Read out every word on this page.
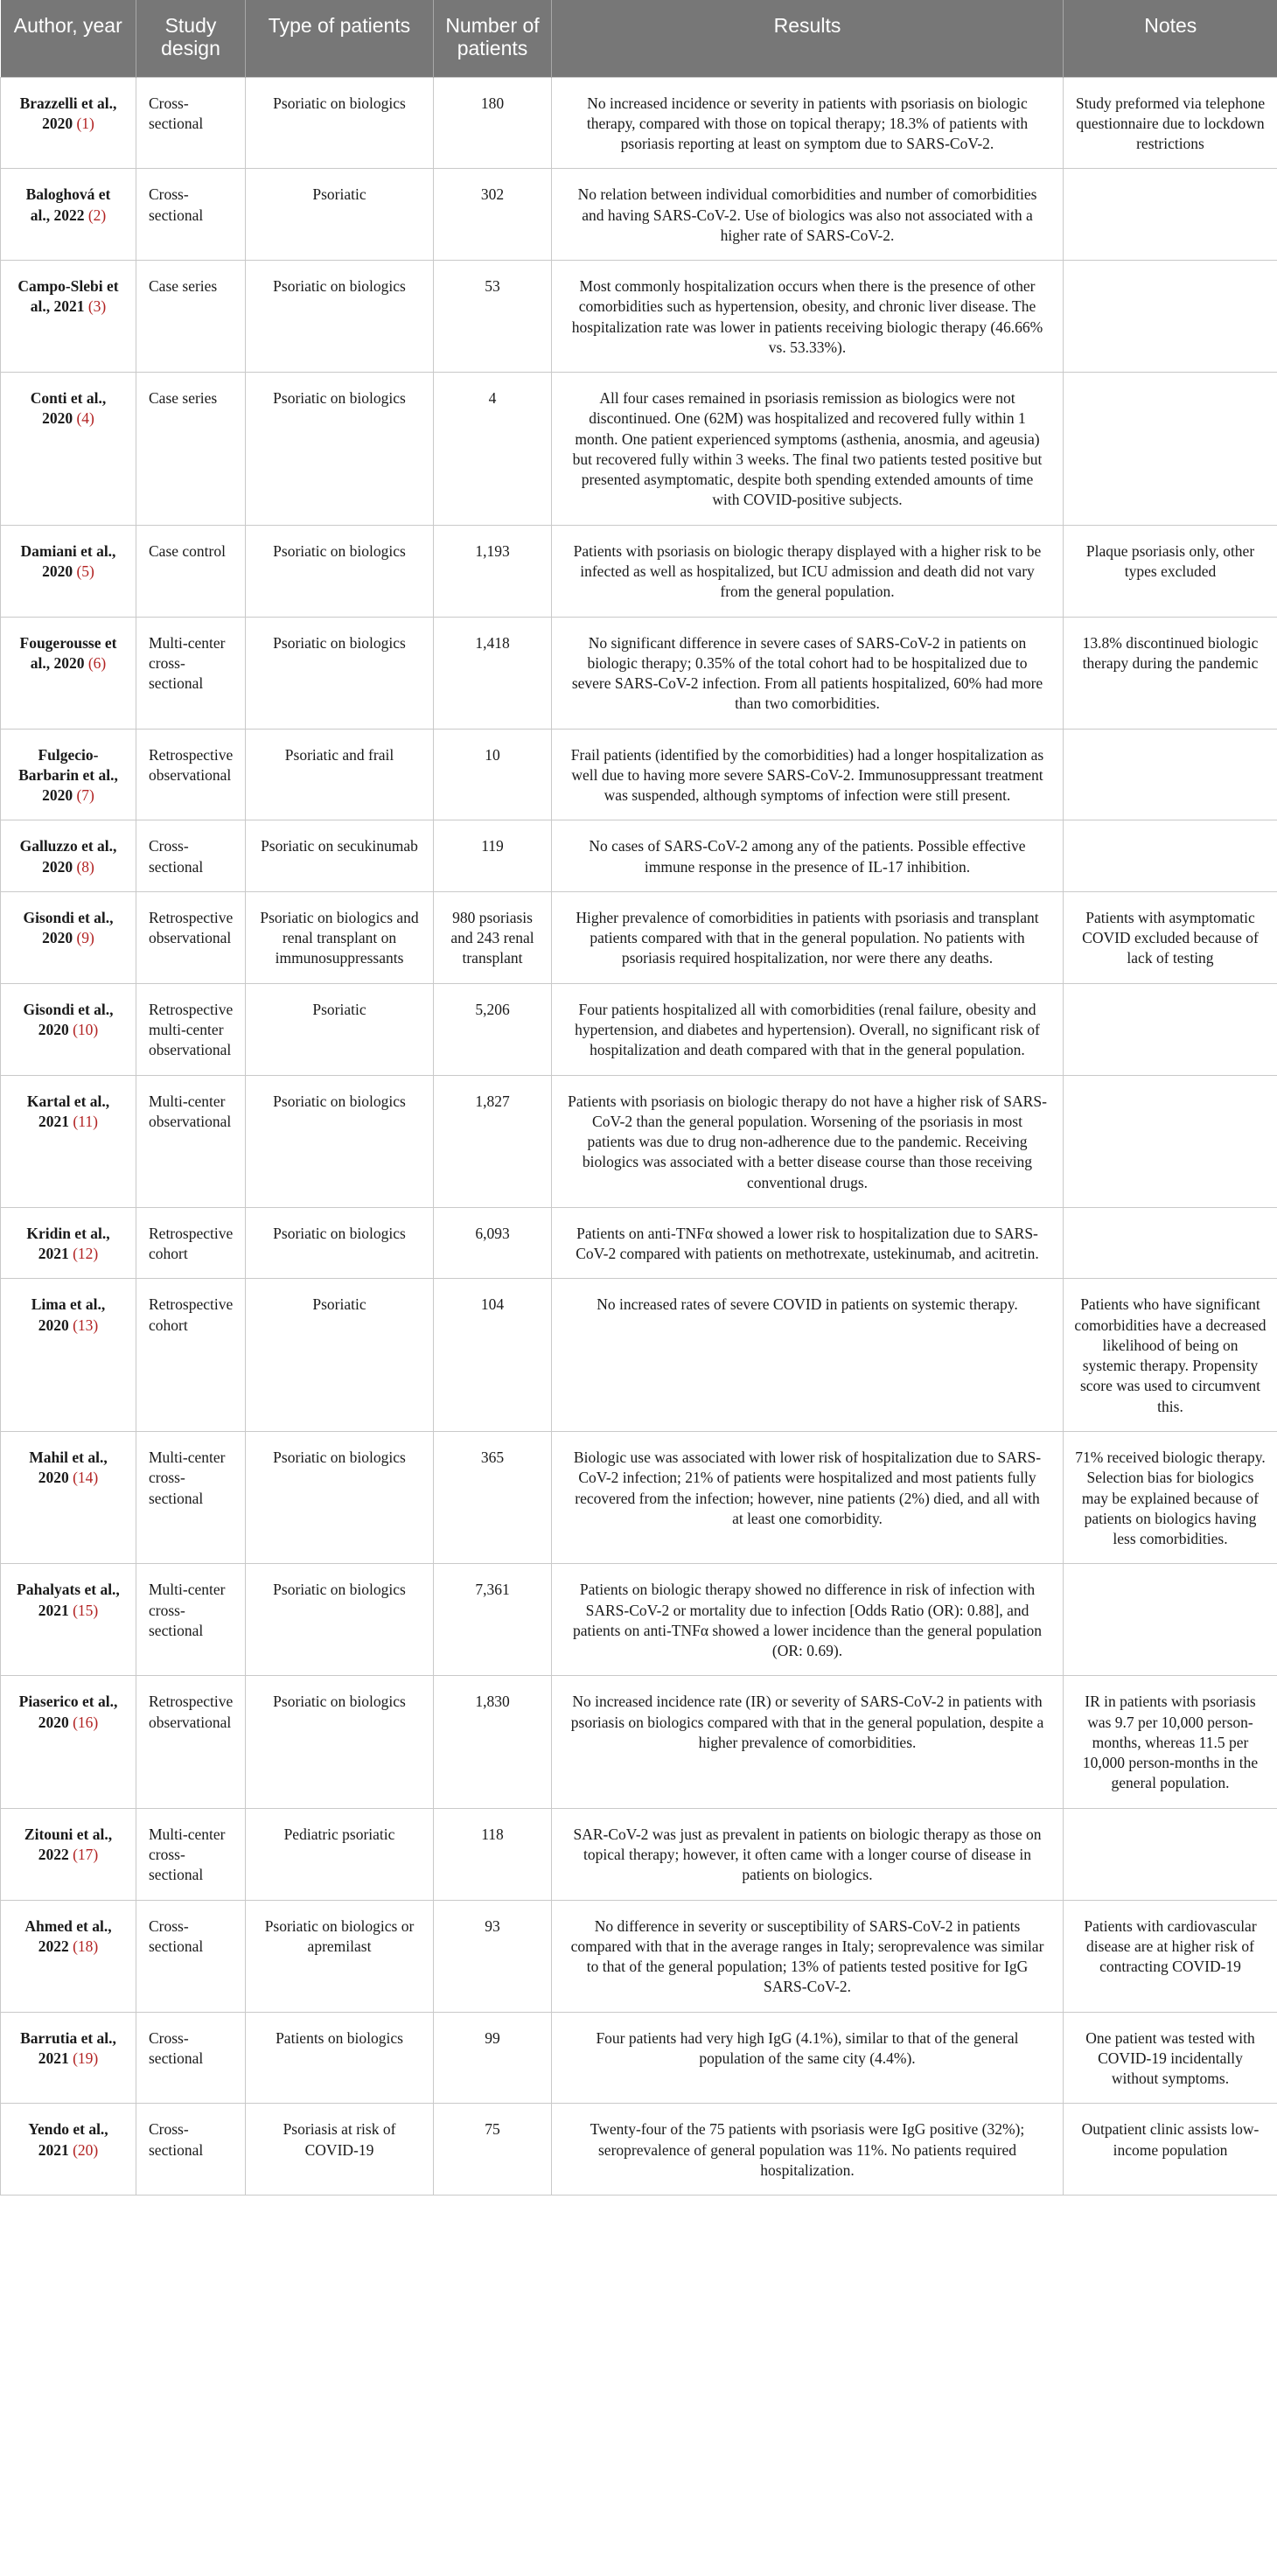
Author, year	Study design	Type of patients	Number of patients	Results	Notes
Brazzelli et al., 2020 (1)	Cross-sectional	Psoriatic on biologics	180	No increased incidence or severity in patients with psoriasis on biologic therapy, compared with those on topical therapy; 18.3% of patients with psoriasis reporting at least on symptom due to SARS-CoV-2.	Study preformed via telephone questionnaire due to lockdown restrictions
Baloghová et al., 2022 (2)	Cross-sectional	Psoriatic	302	No relation between individual comorbidities and number of comorbidities and having SARS-CoV-2. Use of biologics was also not associated with a higher rate of SARS-CoV-2.	
Campo-Slebi et al., 2021 (3)	Case series	Psoriatic on biologics	53	Most commonly hospitalization occurs when there is the presence of other comorbidities such as hypertension, obesity, and chronic liver disease. The hospitalization rate was lower in patients receiving biologic therapy (46.66% vs. 53.33%).	
Conti et al., 2020 (4)	Case series	Psoriatic on biologics	4	All four cases remained in psoriasis remission as biologics were not discontinued. One (62M) was hospitalized and recovered fully within 1 month. One patient experienced symptoms (asthenia, anosmia, and ageusia) but recovered fully within 3 weeks. The final two patients tested positive but presented asymptomatic, despite both spending extended amounts of time with COVID-positive subjects.	
Damiani et al., 2020 (5)	Case control	Psoriatic on biologics	1,193	Patients with psoriasis on biologic therapy displayed with a higher risk to be infected as well as hospitalized, but ICU admission and death did not vary from the general population.	Plaque psoriasis only, other types excluded
Fougerousse et al., 2020 (6)	Multi-center cross-sectional	Psoriatic on biologics	1,418	No significant difference in severe cases of SARS-CoV-2 in patients on biologic therapy; 0.35% of the total cohort had to be hospitalized due to severe SARS-CoV-2 infection. From all patients hospitalized, 60% had more than two comorbidities.	13.8% discontinued biologic therapy during the pandemic
Fulgecio-Barbarin et al., 2020 (7)	Retrospective observational	Psoriatic and frail	10	Frail patients (identified by the comorbidities) had a longer hospitalization as well due to having more severe SARS-CoV-2. Immunosuppressant treatment was suspended, although symptoms of infection were still present.	
Galluzzo et al., 2020 (8)	Cross-sectional	Psoriatic on secukinumab	119	No cases of SARS-CoV-2 among any of the patients. Possible effective immune response in the presence of IL-17 inhibition.	
Gisondi et al., 2020 (9)	Retrospective observational	Psoriatic on biologics and renal transplant on immunosuppressants	980 psoriasis and 243 renal transplant	Higher prevalence of comorbidities in patients with psoriasis and transplant patients compared with that in the general population. No patients with psoriasis required hospitalization, nor were there any deaths.	Patients with asymptomatic COVID excluded because of lack of testing
Gisondi et al., 2020 (10)	Retrospective multi-center observational	Psoriatic	5,206	Four patients hospitalized all with comorbidities (renal failure, obesity and hypertension, and diabetes and hypertension). Overall, no significant risk of hospitalization and death compared with that in the general population.	
Kartal et al., 2021 (11)	Multi-center observational	Psoriatic on biologics	1,827	Patients with psoriasis on biologic therapy do not have a higher risk of SARS-CoV-2 than the general population. Worsening of the psoriasis in most patients was due to drug non-adherence due to the pandemic. Receiving biologics was associated with a better disease course than those receiving conventional drugs.	
Kridin et al., 2021 (12)	Retrospective cohort	Psoriatic on biologics	6,093	Patients on anti-TNFα showed a lower risk to hospitalization due to SARS-CoV-2 compared with patients on methotrexate, ustekinumab, and acitretin.	
Lima et al., 2020 (13)	Retrospective cohort	Psoriatic	104	No increased rates of severe COVID in patients on systemic therapy.	Patients who have significant comorbidities have a decreased likelihood of being on systemic therapy. Propensity score was used to circumvent this.
Mahil et al., 2020 (14)	Multi-center cross-sectional	Psoriatic on biologics	365	Biologic use was associated with lower risk of hospitalization due to SARS-CoV-2 infection; 21% of patients were hospitalized and most patients fully recovered from the infection; however, nine patients (2%) died, and all with at least one comorbidity.	71% received biologic therapy. Selection bias for biologics may be explained because of patients on biologics having less comorbidities.
Pahalyats et al., 2021 (15)	Multi-center cross-sectional	Psoriatic on biologics	7,361	Patients on biologic therapy showed no difference in risk of infection with SARS-CoV-2 or mortality due to infection [Odds Ratio (OR): 0.88], and patients on anti-TNFα showed a lower incidence than the general population (OR: 0.69).	
Piaserico et al., 2020 (16)	Retrospective observational	Psoriatic on biologics	1,830	No increased incidence rate (IR) or severity of SARS-CoV-2 in patients with psoriasis on biologics compared with that in the general population, despite a higher prevalence of comorbidities.	IR in patients with psoriasis was 9.7 per 10,000 person-months, whereas 11.5 per 10,000 person-months in the general population.
Zitouni et al., 2022 (17)	Multi-center cross-sectional	Pediatric psoriatic	118	SAR-CoV-2 was just as prevalent in patients on biologic therapy as those on topical therapy; however, it often came with a longer course of disease in patients on biologics.	
Ahmed et al., 2022 (18)	Cross-sectional	Psoriatic on biologics or apremilast	93	No difference in severity or susceptibility of SARS-CoV-2 in patients compared with that in the average ranges in Italy; seroprevalence was similar to that of the general population; 13% of patients tested positive for IgG SARS-CoV-2.	Patients with cardiovascular disease are at higher risk of contracting COVID-19
Barrutia et al., 2021 (19)	Cross-sectional	Patients on biologics	99	Four patients had very high IgG (4.1%), similar to that of the general population of the same city (4.4%).	One patient was tested with COVID-19 incidentally without symptoms.
Yendo et al., 2021 (20)	Cross-sectional	Psoriasis at risk of COVID-19	75	Twenty-four of the 75 patients with psoriasis were IgG positive (32%); seroprevalence of general population was 11%. No patients required hospitalization.	Outpatient clinic assists low-income population
